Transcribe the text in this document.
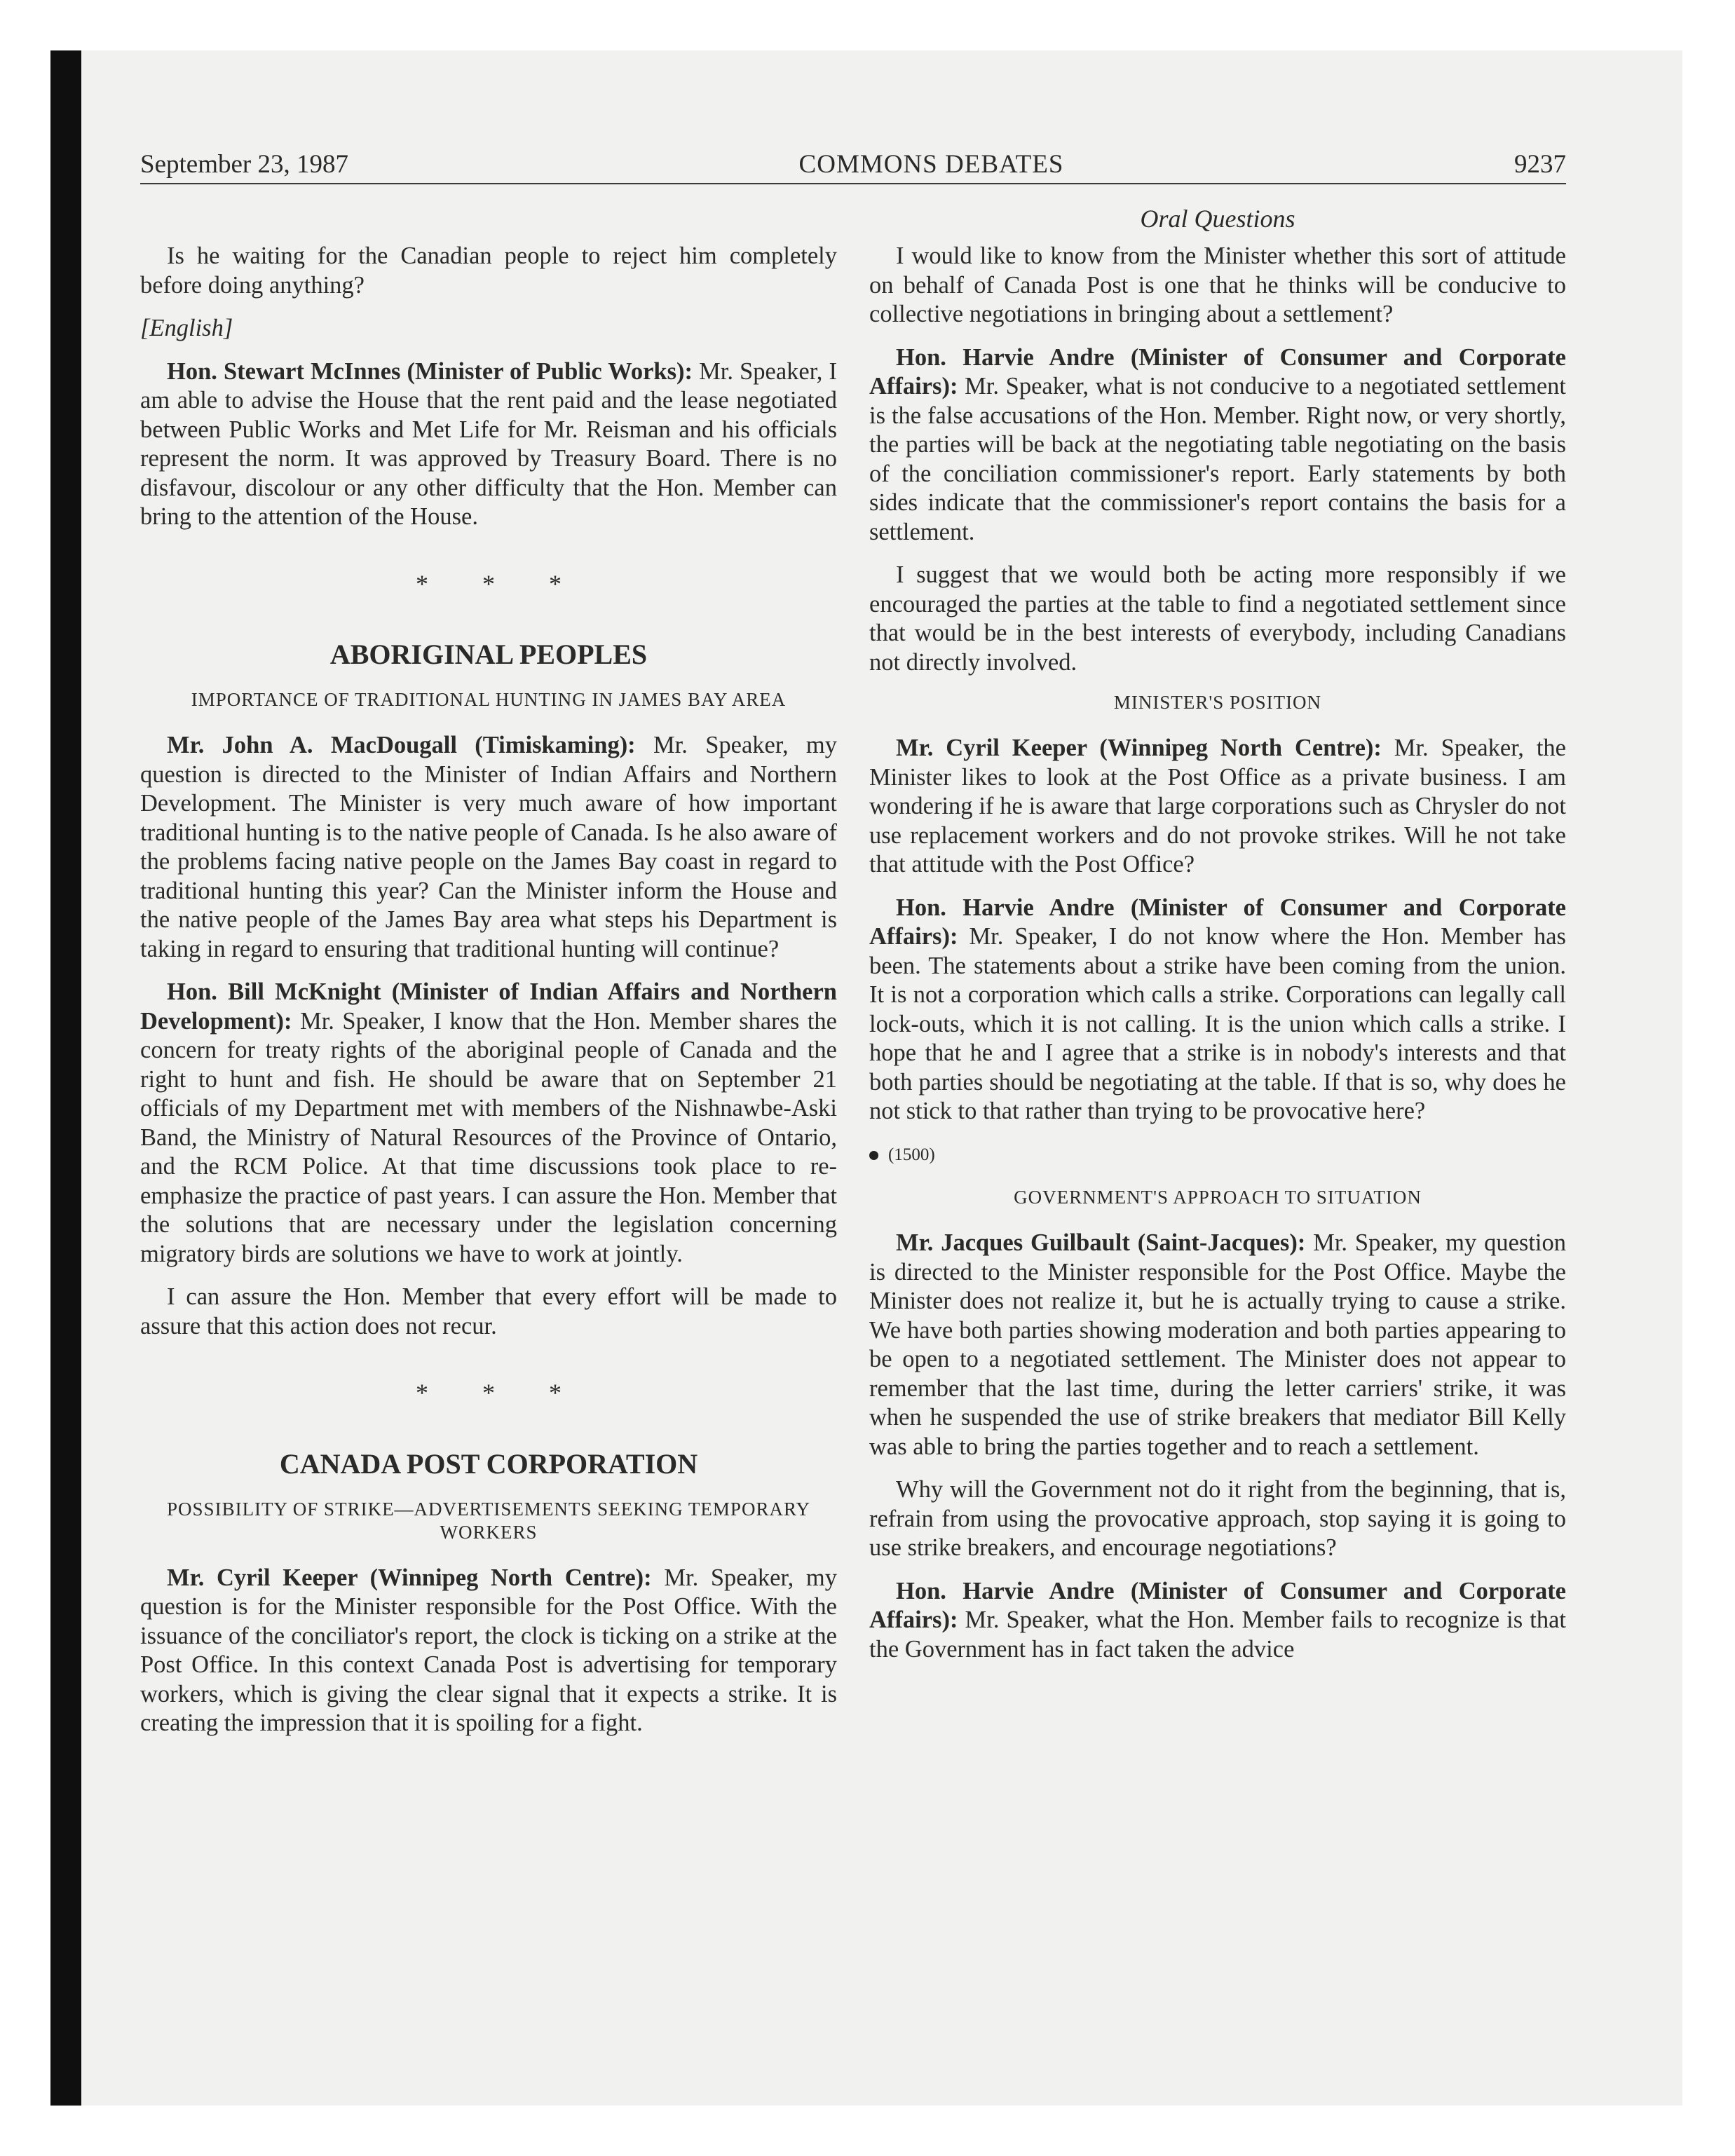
September 23, 1987	COMMONS DEBATES	9237
Oral Questions

Is he waiting for the Canadian people to reject him completely before doing anything?

[English]

Hon. Stewart McInnes (Minister of Public Works): Mr. Speaker, I am able to advise the House that the rent paid and the lease negotiated between Public Works and Met Life for Mr. Reisman and his officials represent the norm. It was approved by Treasury Board. There is no disfavour, discolour or any other difficulty that the Hon. Member can bring to the attention of the House.

* * *
ABORIGINAL PEOPLES
IMPORTANCE OF TRADITIONAL HUNTING IN JAMES BAY AREA

Mr. John A. MacDougall (Timiskaming): Mr. Speaker, my question is directed to the Minister of Indian Affairs and Northern Development. The Minister is very much aware of how important traditional hunting is to the native people of Canada. Is he also aware of the problems facing native people on the James Bay coast in regard to traditional hunting this year? Can the Minister inform the House and the native people of the James Bay area what steps his Department is taking in regard to ensuring that traditional hunting will continue?

Hon. Bill McKnight (Minister of Indian Affairs and Northern Development): Mr. Speaker, I know that the Hon. Member shares the concern for treaty rights of the aboriginal people of Canada and the right to hunt and fish. He should be aware that on September 21 officials of my Department met with members of the Nishnawbe-Aski Band, the Ministry of Natural Resources of the Province of Ontario, and the RCM Police. At that time discussions took place to re-emphasize the practice of past years. I can assure the Hon. Member that the solutions that are necessary under the legislation concerning migratory birds are solutions we have to work at jointly.

I can assure the Hon. Member that every effort will be made to assure that this action does not recur.

* * *
CANADA POST CORPORATION
POSSIBILITY OF STRIKE—ADVERTISEMENTS SEEKING TEMPORARY WORKERS

Mr. Cyril Keeper (Winnipeg North Centre): Mr. Speaker, my question is for the Minister responsible for the Post Office. With the issuance of the conciliator's report, the clock is ticking on a strike at the Post Office. In this context Canada Post is advertising for temporary workers, which is giving the clear signal that it expects a strike. It is creating the impression that it is spoiling for a fight.

I would like to know from the Minister whether this sort of attitude on behalf of Canada Post is one that he thinks will be conducive to collective negotiations in bringing about a settlement?

Hon. Harvie Andre (Minister of Consumer and Corporate Affairs): Mr. Speaker, what is not conducive to a negotiated settlement is the false accusations of the Hon. Member. Right now, or very shortly, the parties will be back at the negotiating table negotiating on the basis of the conciliation commissioner's report. Early statements by both sides indicate that the commissioner's report contains the basis for a settlement.

I suggest that we would both be acting more responsibly if we encouraged the parties at the table to find a negotiated settlement since that would be in the best interests of everybody, including Canadians not directly involved.

MINISTER'S POSITION

Mr. Cyril Keeper (Winnipeg North Centre): Mr. Speaker, the Minister likes to look at the Post Office as a private business. I am wondering if he is aware that large corporations such as Chrysler do not use replacement workers and do not provoke strikes. Will he not take that attitude with the Post Office?

Hon. Harvie Andre (Minister of Consumer and Corporate Affairs): Mr. Speaker, I do not know where the Hon. Member has been. The statements about a strike have been coming from the union. It is not a corporation which calls a strike. Corporations can legally call lock-outs, which it is not calling. It is the union which calls a strike. I hope that he and I agree that a strike is in nobody's interests and that both parties should be negotiating at the table. If that is so, why does he not stick to that rather than trying to be provocative here?

(1500)
GOVERNMENT'S APPROACH TO SITUATION

Mr. Jacques Guilbault (Saint-Jacques): Mr. Speaker, my question is directed to the Minister responsible for the Post Office. Maybe the Minister does not realize it, but he is actually trying to cause a strike. We have both parties showing moderation and both parties appearing to be open to a negotiated settlement. The Minister does not appear to remember that the last time, during the letter carriers' strike, it was when he suspended the use of strike breakers that mediator Bill Kelly was able to bring the parties together and to reach a settlement.

Why will the Government not do it right from the beginning, that is, refrain from using the provocative approach, stop saying it is going to use strike breakers, and encourage negotiations?

Hon. Harvie Andre (Minister of Consumer and Corporate Affairs): Mr. Speaker, what the Hon. Member fails to recognize is that the Government has in fact taken the advice
